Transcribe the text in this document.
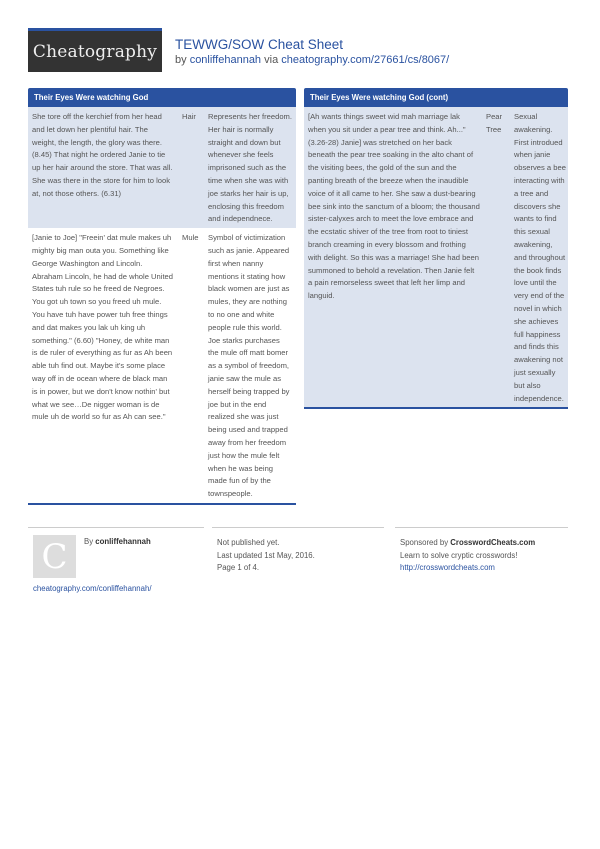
Cheatography TEWWG/SOW Cheat Sheet
by conliffehannah via cheatography.com/27661/cs/8067/
Their Eyes Were watching God
She tore off the kerchief from her head and let down her plentiful hair. The weight, the length, the glory was there. (8.45) That night he ordered Janie to tie up her hair around the store. That was all. She was there in the store for him to look at, not those others. (6.31)
Hair	Represents her freedom. Her hair is normally straight and down but whenever she feels imprisoned such as the time when she was with joe starks her hair is up, enclosing this freedom and independnece.
[Janie to Joe] "Freein' dat mule makes uh mighty big man outa you. Something like George Washington and Lincoln. Abraham Lincoln, he had de whole United States tuh rule so he freed de Negroes. You got uh town so you freed uh mule. You have tuh have power tuh free things and dat makes you lak uh king uh something." (6.60) "Honey, de white man is de ruler of everything as fur as Ah been able tuh find out. Maybe it's some place way off in de ocean where de black man is in power, but we don't know nothin' but what we see…De nigger woman is de mule uh de world so fur as Ah can see."
Mule	Symbol of victimization such as janie. Appeared first when nanny mentions it stating how black women are just as mules, they are nothing to no one and white people rule this world. Joe starks purchases the mule off matt bomer as a symbol of freedom, janie saw the mule as herself being trapped by joe but in the end realized she was just being used and trapped away from her freedom just how the mule felt when he was being made fun of by the townspeople.
Their Eyes Were watching God (cont)
[Ah wants things sweet wid mah marriage lak when you sit under a pear tree and think. Ah..." (3.26-28) Janie] was stretched on her back beneath the pear tree soaking in the alto chant of the visiting bees, the gold of the sun and the panting breath of the breeze when the inaudible voice of it all came to her. She saw a dust-bearing bee sink into the sanctum of a bloom; the thousand sister-calyxes arch to meet the love embrace and the ecstatic shiver of the tree from root to tiniest branch creaming in every blossom and frothing with delight. So this was a marriage! She had been summoned to behold a revelation. Then Janie felt a pain remorseless sweet that left her limp and languid.
Pear Tree
Sexual awakening. First introdued when janie observes a bee interacting with a tree and discovers she wants to find this sexual awakening, and throughout the book finds love until the very end of the novel in which she achieves full happiness and finds this awakening not just sexually but also independence.
C By conliffehannah
cheatography.com/conliffehannah/
Not published yet.
Last updated 1st May, 2016.
Page 1 of 4.
Sponsored by CrosswordCheats.com
Learn to solve cryptic crosswords!
http://crosswordcheats.com
